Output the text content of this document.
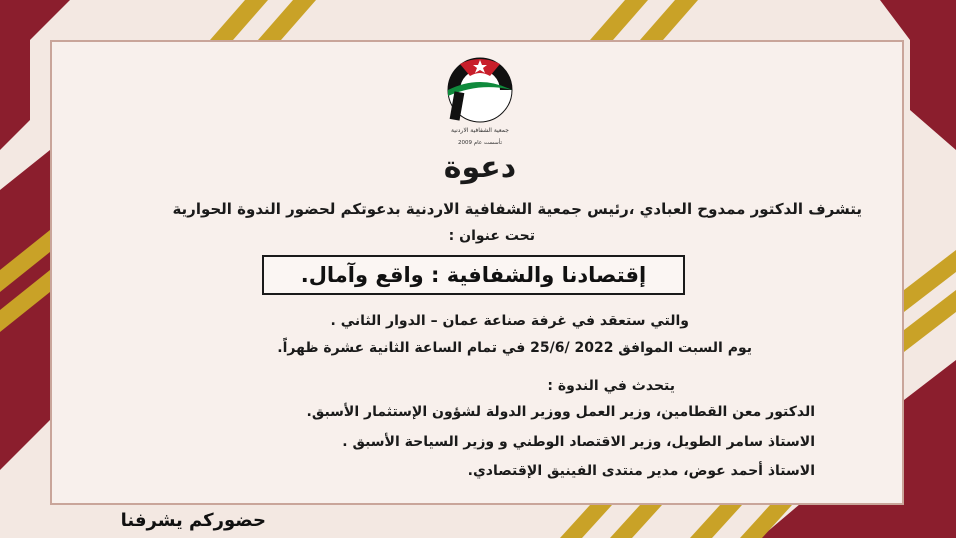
جمعية الشفافية الاردنية
تأسست عام 2009
دعوة
يتشرف الدكتور ممدوح العبادي ،رئيس جمعية الشفافية الاردنية بدعوتكم لحضور الندوة الحوارية
تحت عنوان :
إقتصادنا والشفافية : واقع وآمال.
والتي ستعقد في غرفة صناعة عمان – الدوار الثاني .
يوم السبت الموافق 2022 /25/6 في تمام الساعة الثانية عشرة ظهراً.
يتحدث في الندوة :
الدكتور معن القطامين، وزير العمل ووزير الدولة لشؤون الإستثمار الأسبق.
الاستاذ سامر الطويل، وزير الاقتصاد الوطني و وزير السياحة الأسبق .
الاستاذ أحمد عوض، مدير منتدى الفينيق الإقتصادي.
حضوركم يشرفنا
